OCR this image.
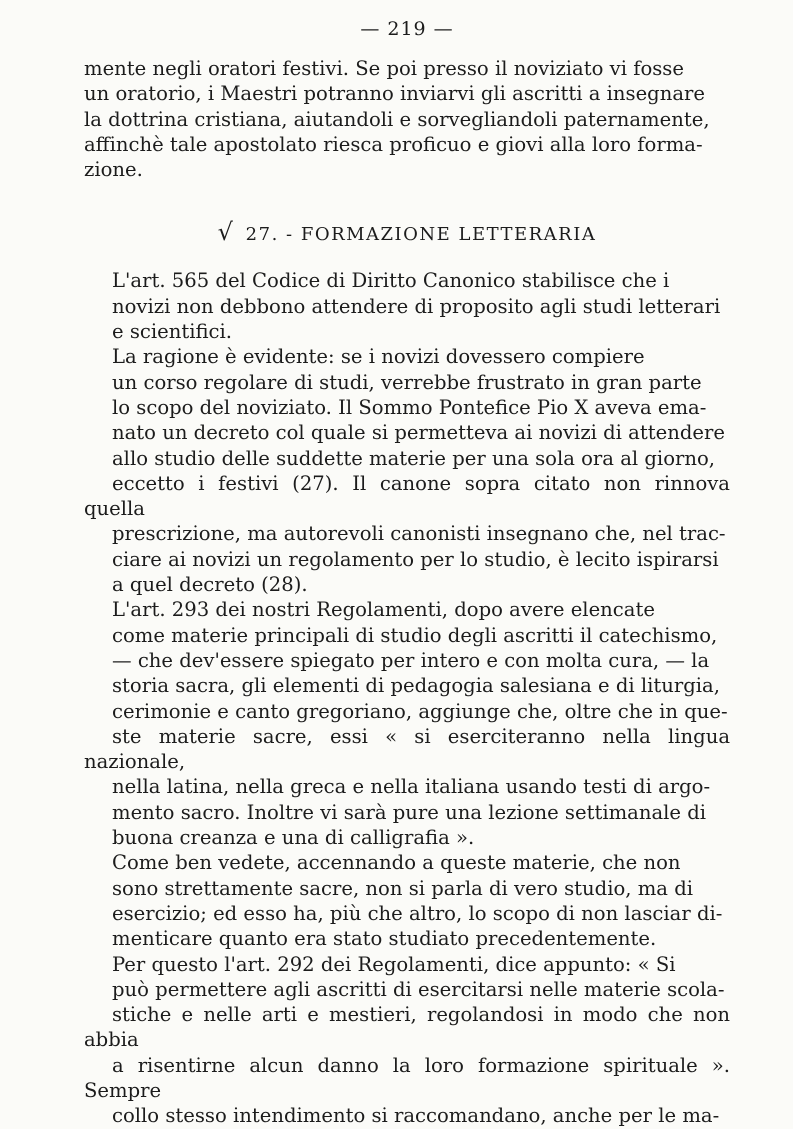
— 219 —

mente negli oratori festivi. Se poi presso il noviziato vi fosse
un oratorio, i Maestri potranno inviarvi gli ascritti a insegnare
la dottrina cristiana, aiutandoli e sorvegliandoli paternamente,
affinchè tale apostolato riesca proficuo e giovi alla loro forma-
zione.

√ 27. - FORMAZIONE LETTERARIA

L'art. 565 del Codice di Diritto Canonico stabilisce che i
novizi non debbono attendere di proposito agli studi letterari
e scientifici.

La ragione è evidente: se i novizi dovessero compiere
un corso regolare di studi, verrebbe frustrato in gran parte
lo scopo del noviziato. Il Sommo Pontefice Pio X aveva ema-
nato un decreto col quale si permetteva ai novizi di attendere
allo studio delle suddette materie per una sola ora al giorno,
eccetto i festivi (27). Il canone sopra citato non rinnova quella
prescrizione, ma autorevoli canonisti insegnano che, nel trac-
ciare ai novizi un regolamento per lo studio, è lecito ispirarsi
a quel decreto (28).

L'art. 293 dei nostri Regolamenti, dopo avere elencate
come materie principali di studio degli ascritti il catechismo,
— che dev'essere spiegato per intero e con molta cura, — la
storia sacra, gli elementi di pedagogia salesiana e di liturgia,
cerimonie e canto gregoriano, aggiunge che, oltre che in que-
ste materie sacre, essi « si eserciteranno nella lingua nazionale,
nella latina, nella greca e nella italiana usando testi di argo-
mento sacro. Inoltre vi sarà pure una lezione settimanale di
buona creanza e una di calligrafia ».

Come ben vedete, accennando a queste materie, che non
sono strettamente sacre, non si parla di vero studio, ma di
esercizio; ed esso ha, più che altro, lo scopo di non lasciar di-
menticare quanto era stato studiato precedentemente.

Per questo l'art. 292 dei Regolamenti, dice appunto: « Si
può permettere agli ascritti di esercitarsi nelle materie scola-
stiche e nelle arti e mestieri, regolandosi in modo che non abbia
a risentirne alcun danno la loro formazione spirituale ». Sempre
collo stesso intendimento si raccomandano, anche per le ma-
